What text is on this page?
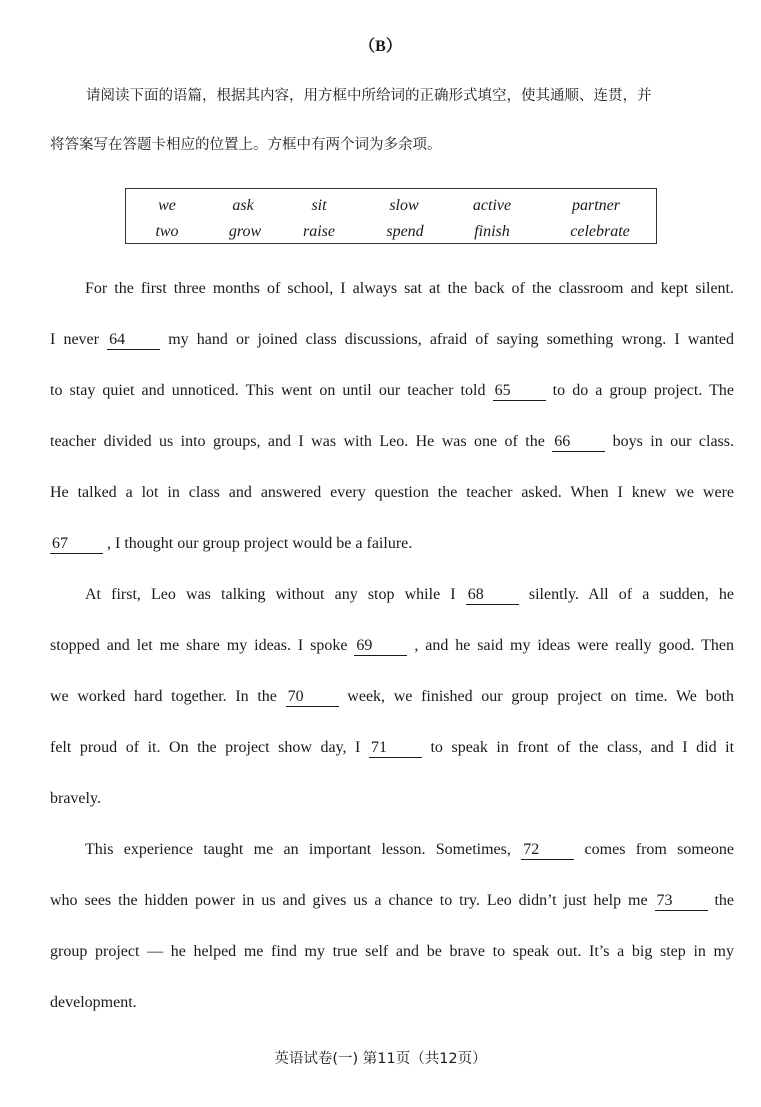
（B）
请阅读下面的语篇，根据其内容，用方框中所给词的正确形式填空，使其通顺、连贯，并
将答案写在答题卡相应的位置上。方框中有两个词为多余项。
we	ask	sit	slow	active	partner
two	grow	raise	spend	finish	celebrate
For the first three months of school, I always sat at the back of the classroom and kept silent.
I never 64	my hand or joined class discussions, afraid of saying something wrong. I wanted
to stay quiet and unnoticed. This went on until our teacher told 65	to do a group project. The
teacher divided us into groups, and I was with Leo. He was one of the 66	boys in our class.
He talked a lot in class and answered every question the teacher asked. When I knew we were
67 , I thought our group project would be a failure.
At first, Leo was talking without any stop while I 68	silently. All of a sudden, he
stopped and let me share my ideas. I spoke 69	, and he said my ideas were really good. Then
we worked hard together. In the 70	week, we finished our group project on time. We both
felt proud of it. On the project show day, I 71	to speak in front of the class, and I did it
bravely.
This experience taught me an important lesson. Sometimes, 72	comes from someone
who sees the hidden power in us and gives us a chance to try. Leo didn’t just help me 73	the
group project — he helped me find my true self and be brave to speak out. It’s a big step in my
development.
英语试卷(一) 第11页（共12页）
